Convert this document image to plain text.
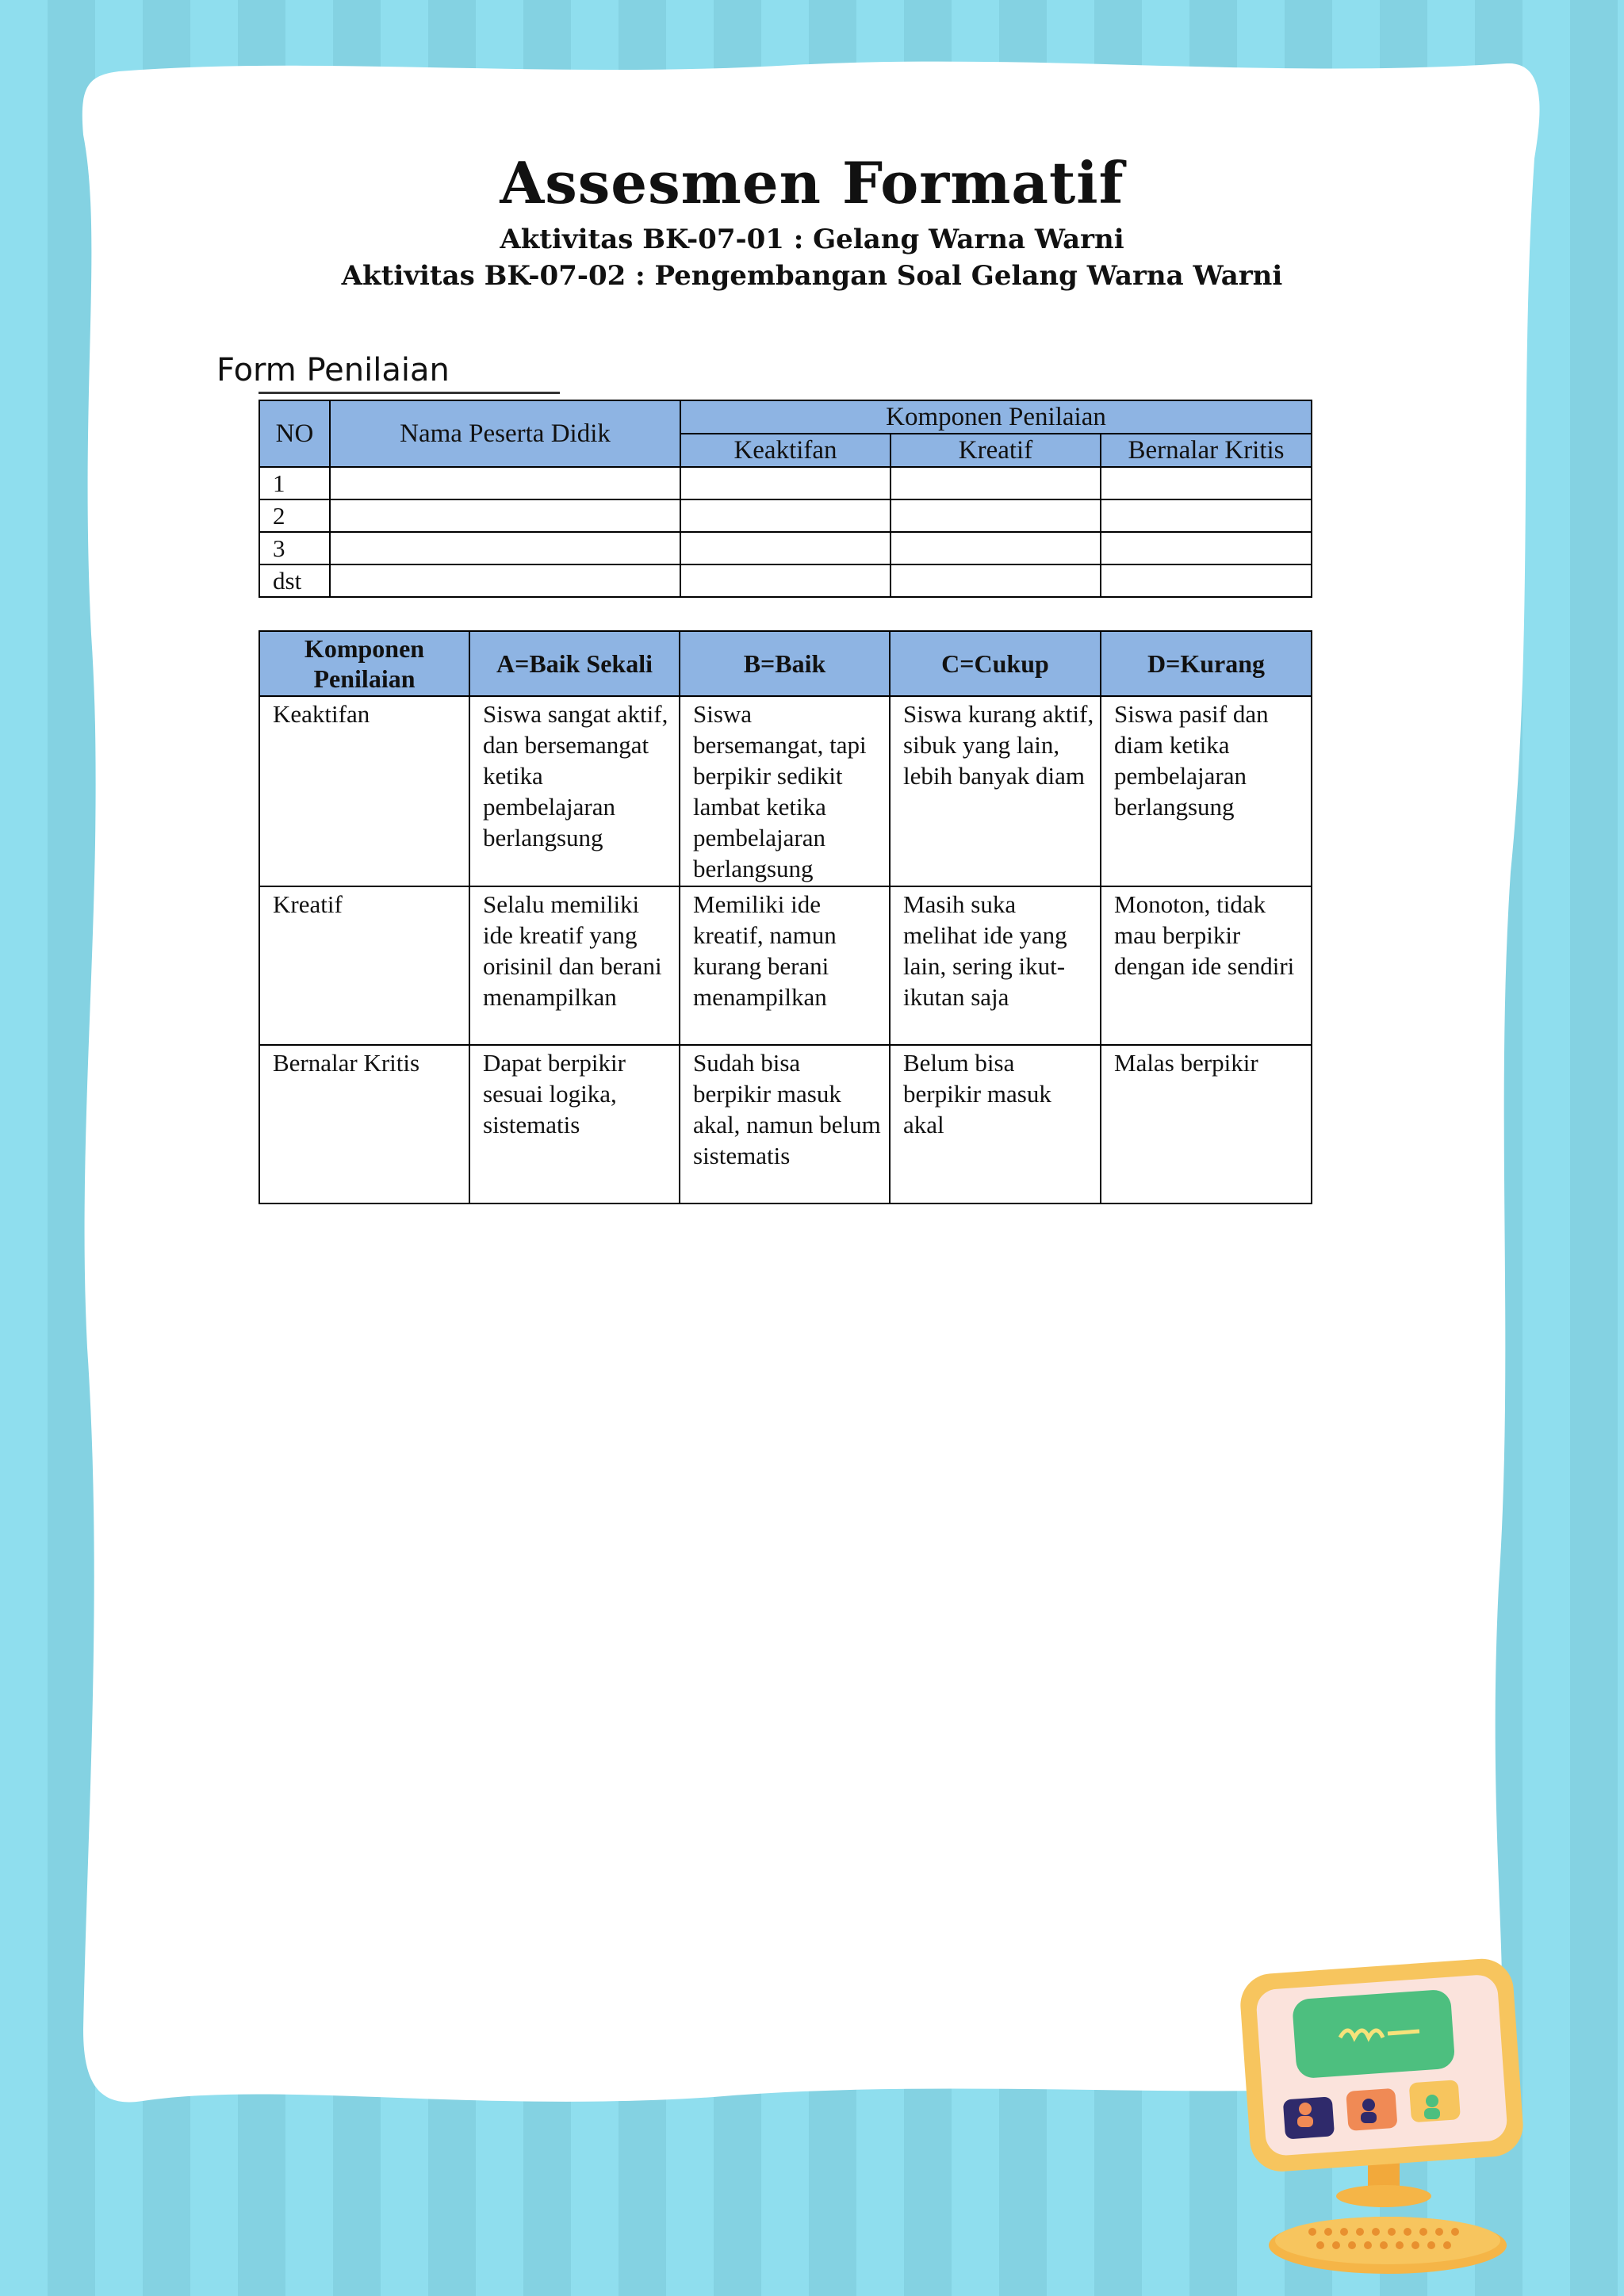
Assesmen Formatif
Aktivitas BK-07-01 : Gelang Warna Warni
Aktivitas BK-07-02 : Pengembangan Soal Gelang Warna Warni
Form Penilaian
NO	Nama Peserta Didik	Komponen Penilaian		
		Keaktifan	Kreatif	Bernalar Kritis
1				
2				
3				
dst				
Komponen Penilaian	A=Baik Sekali	B=Baik	C=Cukup	D=Kurang
Keaktifan	Siswa sangat aktif, dan bersemangat ketika pembelajaran berlangsung	Siswa bersemangat, tapi berpikir sedikit lambat ketika pembelajaran berlangsung	Siswa kurang aktif, sibuk yang lain, lebih banyak diam	Siswa pasif dan diam ketika pembelajaran berlangsung
Kreatif	Selalu memiliki ide kreatif yang orisinil dan berani menampilkan	Memiliki ide kreatif, namun kurang berani menampilkan	Masih suka melihat ide yang lain, sering ikut-ikutan saja	Monoton, tidak mau berpikir dengan ide sendiri
Bernalar Kritis	Dapat berpikir sesuai logika, sistematis	Sudah bisa berpikir masuk akal, namun belum sistematis	Belum bisa berpikir masuk akal	Malas berpikir
